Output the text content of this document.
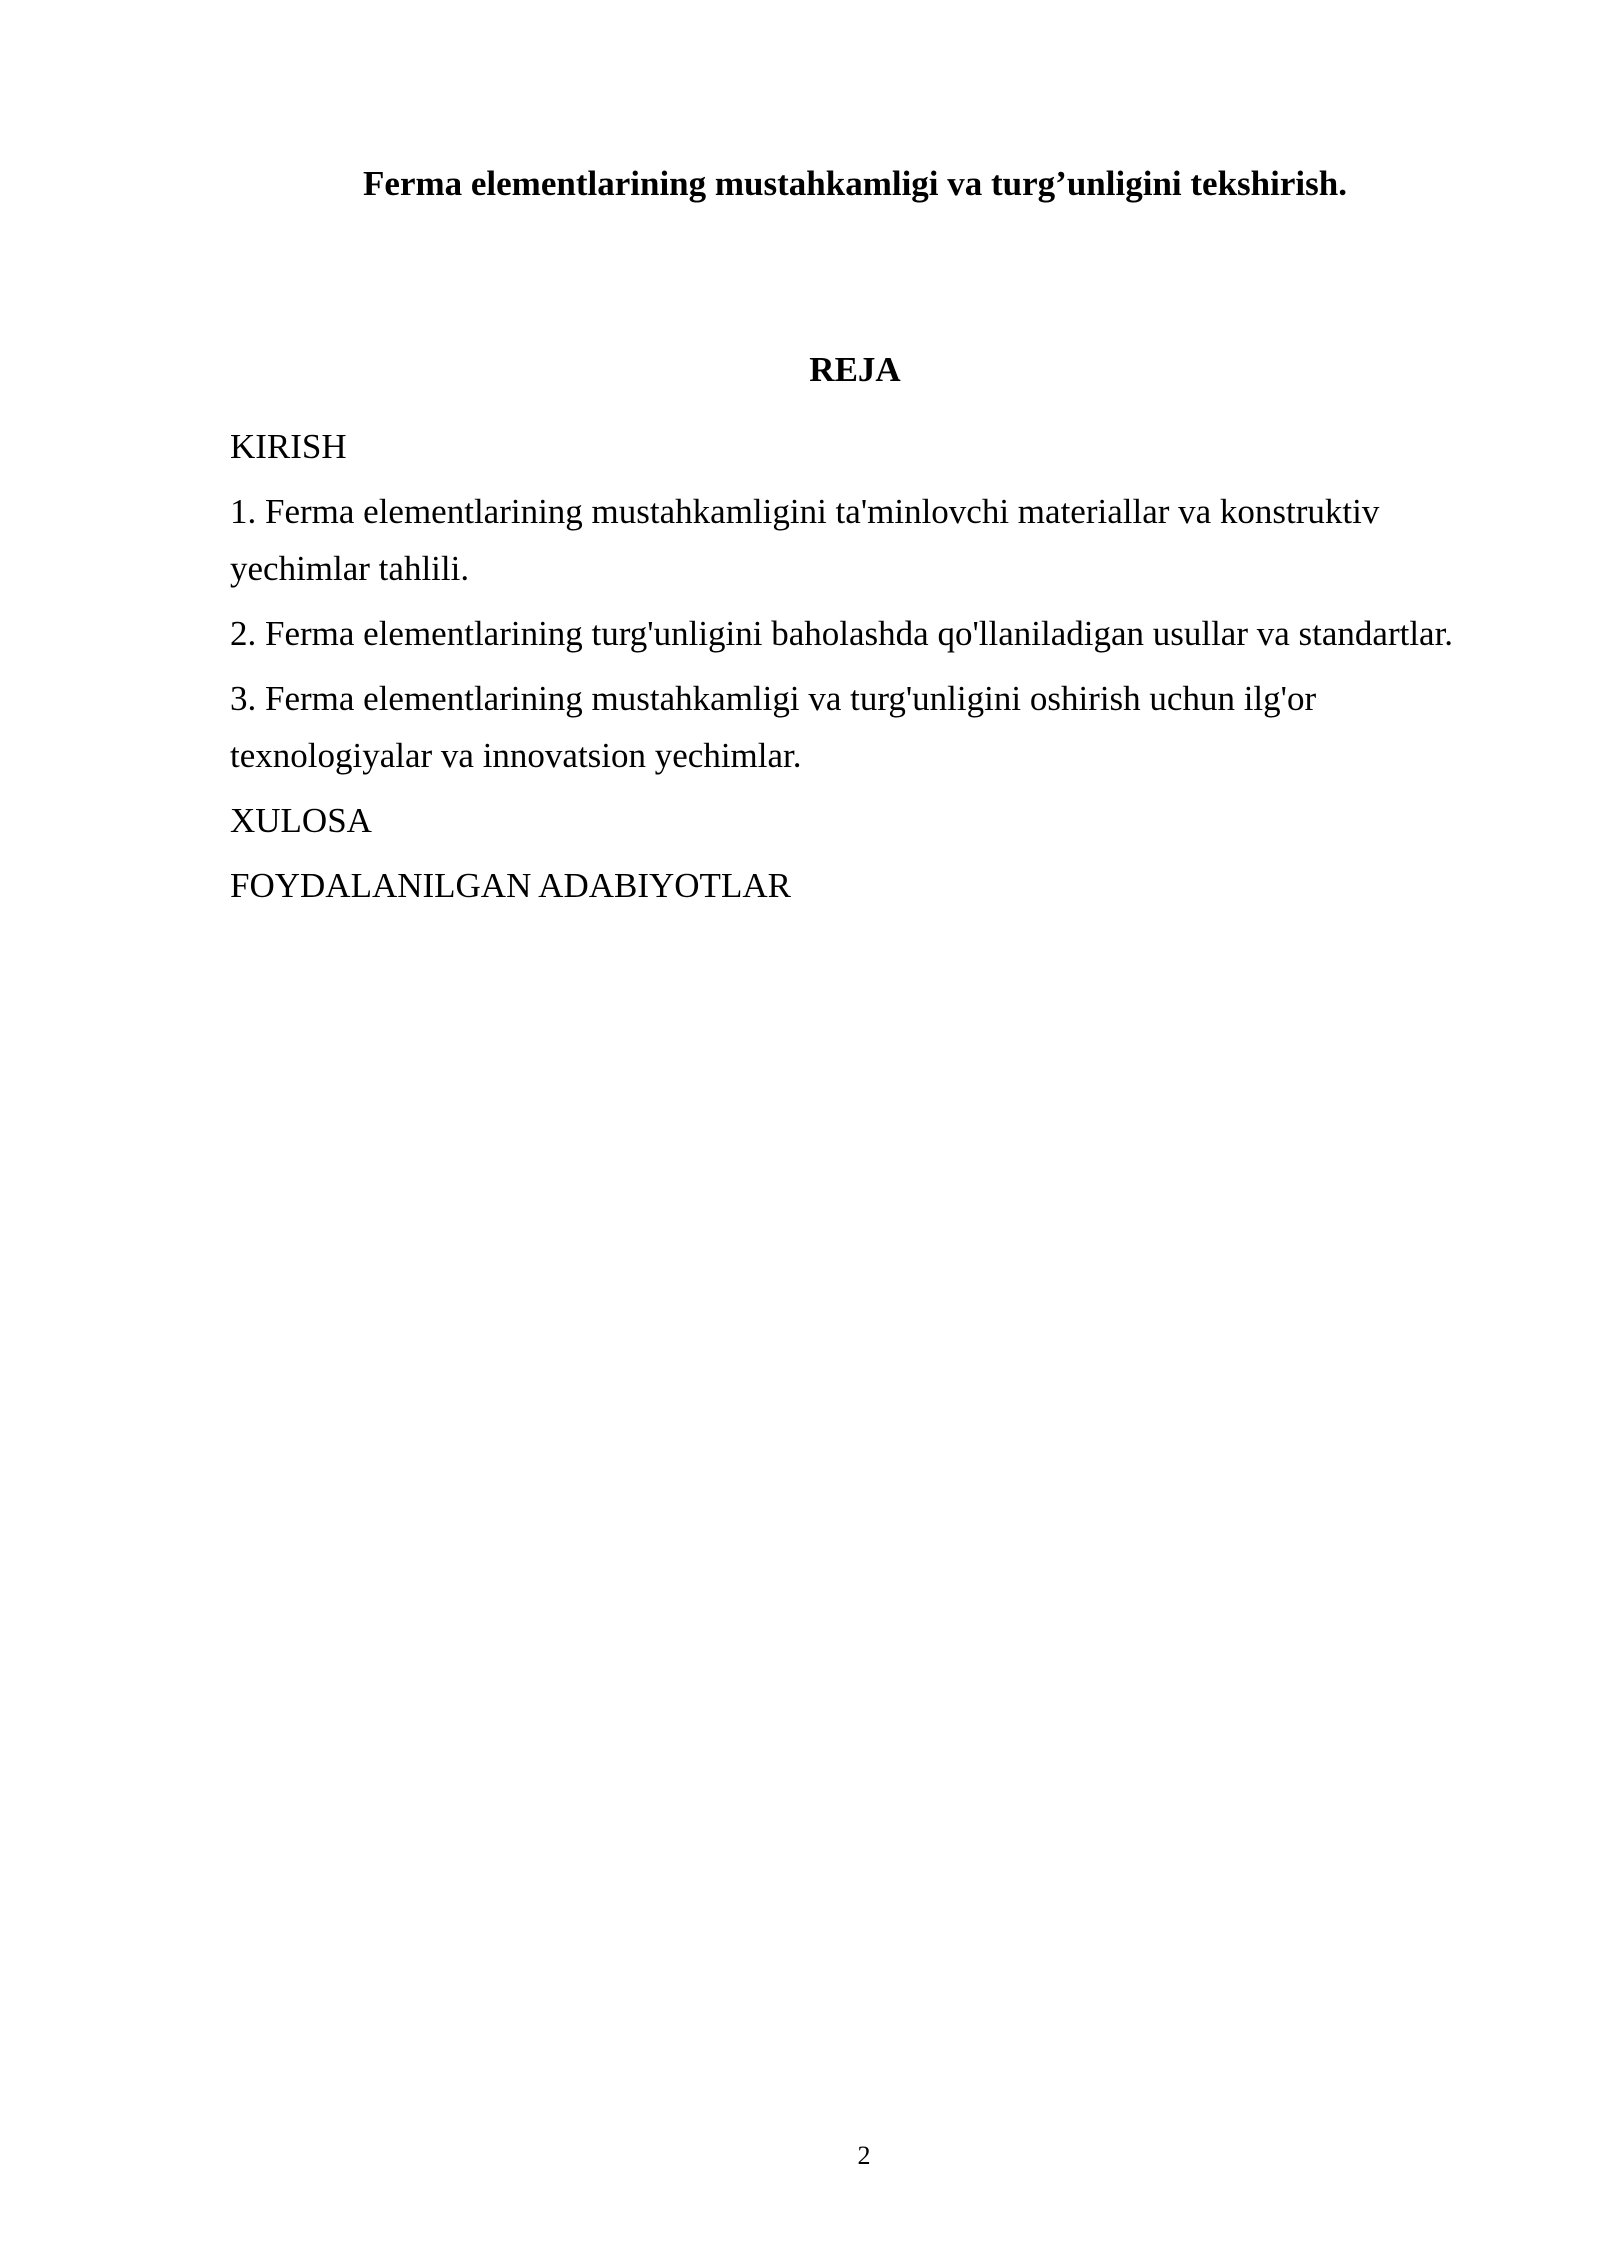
Ferma elementlarining mustahkamligi va turg’unligini tekshirish.
REJA
KIRISH
1. Ferma elementlarining mustahkamligini ta'minlovchi materiallar va konstruktiv yechimlar tahlili.
2. Ferma elementlarining turg'unligini baholashda qo'llaniladigan usullar va standartlar.
3. Ferma elementlarining mustahkamligi va turg'unligini oshirish uchun ilg'or texnologiyalar va innovatsion yechimlar.
XULOSA
FOYDALANILGAN ADABIYOTLAR
2
